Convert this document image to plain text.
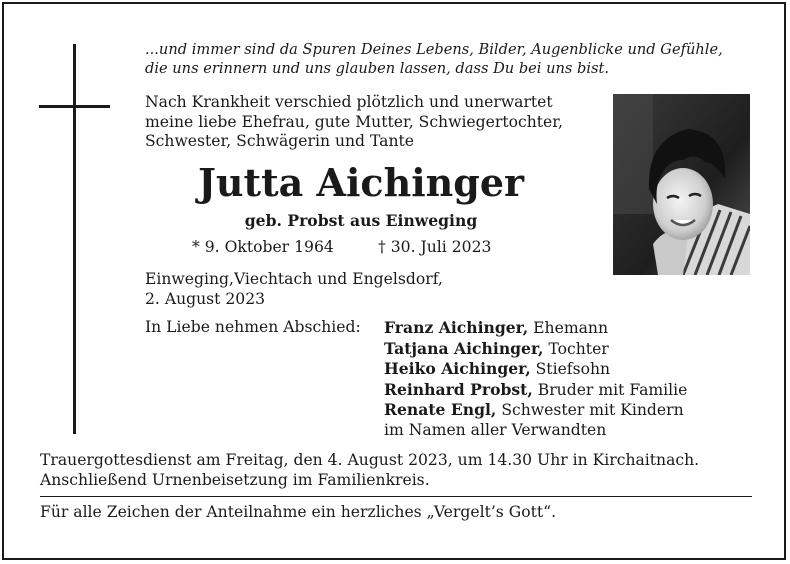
...und immer sind da Spuren Deines Lebens, Bilder, Augenblicke und Gefühle,
die uns erinnern und uns glauben lassen, dass Du bei uns bist.
Nach Krankheit verschied plötzlich und unerwartet
meine liebe Ehefrau, gute Mutter, Schwiegertochter,
Schwester, Schwägerin und Tante
Jutta Aichinger
geb. Probst aus Einweging
* 9. Oktober 1964	† 30. Juli 2023
Einweging,Viechtach und Engelsdorf,
2. August 2023
In Liebe nehmen Abschied: Franz Aichinger, Ehemann
Tatjana Aichinger, Tochter
Heiko Aichinger, Stiefsohn
Reinhard Probst, Bruder mit Familie
Renate Engl, Schwester mit Kindern
im Namen aller Verwandten
Trauergottesdienst am Freitag, den 4. August 2023, um 14.30 Uhr in Kirchaitnach.
Anschließend Urnenbeisetzung im Familienkreis.
Für alle Zeichen der Anteilnahme ein herzliches „Vergelt’s Gott“.
